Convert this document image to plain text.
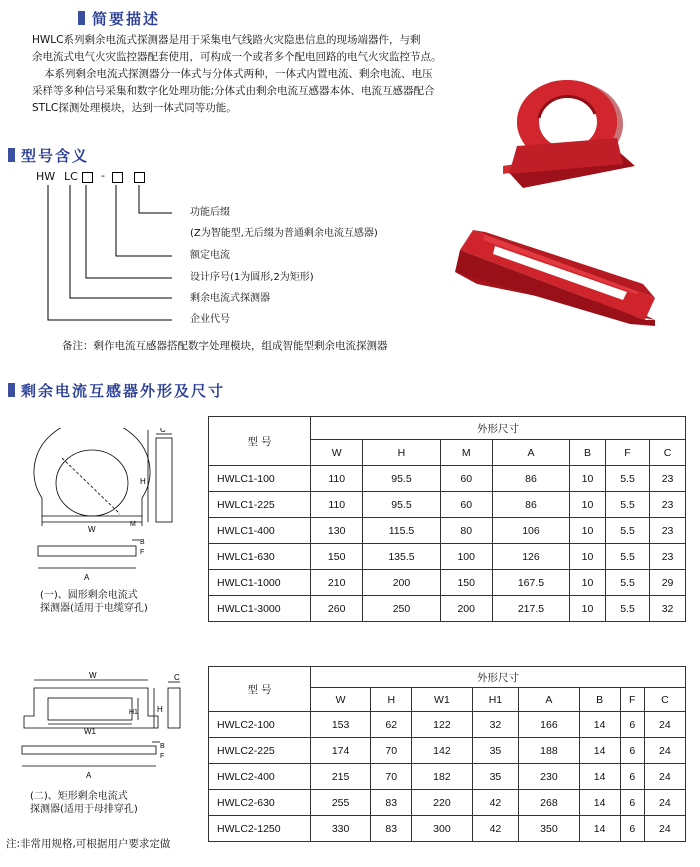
简要描述
HWLC系列剩余电流式探测器是用于采集电气线路火灾隐患信息的现场端器件，与剩
余电流式电气火灾监控器配套使用，可构成一个或者多个配电回路的电气火灾监控节点。
本系列剩余电流式探测器分一体式与分体式两种，一体式内置电流、剩余电流、电压
采样等多种信号采集和数字化处理功能;分体式由剩余电流互感器本体、电流互感器配合
STLC探测处理模块，达到一体式同等功能。
型号含义
HW LC -
功能后缀
(Z为智能型,无后缀为普通剩余电流互感器)
额定电流
设计序号(1为圆形,2为矩形)
剩余电流式探测器
企业代号
备注：剩作电流互感器搭配数字处理模块，组成智能型剩余电流探测器
剩余电流互感器外形及尺寸
C
H
W
M
B
F
A
(一)、圆形剩余电流式
探测器(适用于电缆穿孔)
型 号	外形尺寸						
	W	H	M	A	B	F	C
HWLC1-100	110	95.5	60	86	10	5.5	23
HWLC1-225	110	95.5	60	86	10	5.5	23
HWLC1-400	130	115.5	80	106	10	5.5	23
HWLC1-630	150	135.5	100	126	10	5.5	23
HWLC1-1000	210	200	150	167.5	10	5.5	29
HWLC1-3000	260	250	200	217.5	10	5.5	32
W	C
H1 H
W1
B
F
A
(二)、矩形剩余电流式
探测器(适用于母排穿孔)
型 号	外形尺寸							
	W	H	W1	H1	A	B	F	C
HWLC2-100	153	62	122	32	166	14	6	24
HWLC2-225	174	70	142	35	188	14	6	24
HWLC2-400	215	70	182	35	230	14	6	24
HWLC2-630	255	83	220	42	268	14	6	24
HWLC2-1250	330	83	300	42	350	14	6	24
注:非常用规格,可根据用户要求定做
